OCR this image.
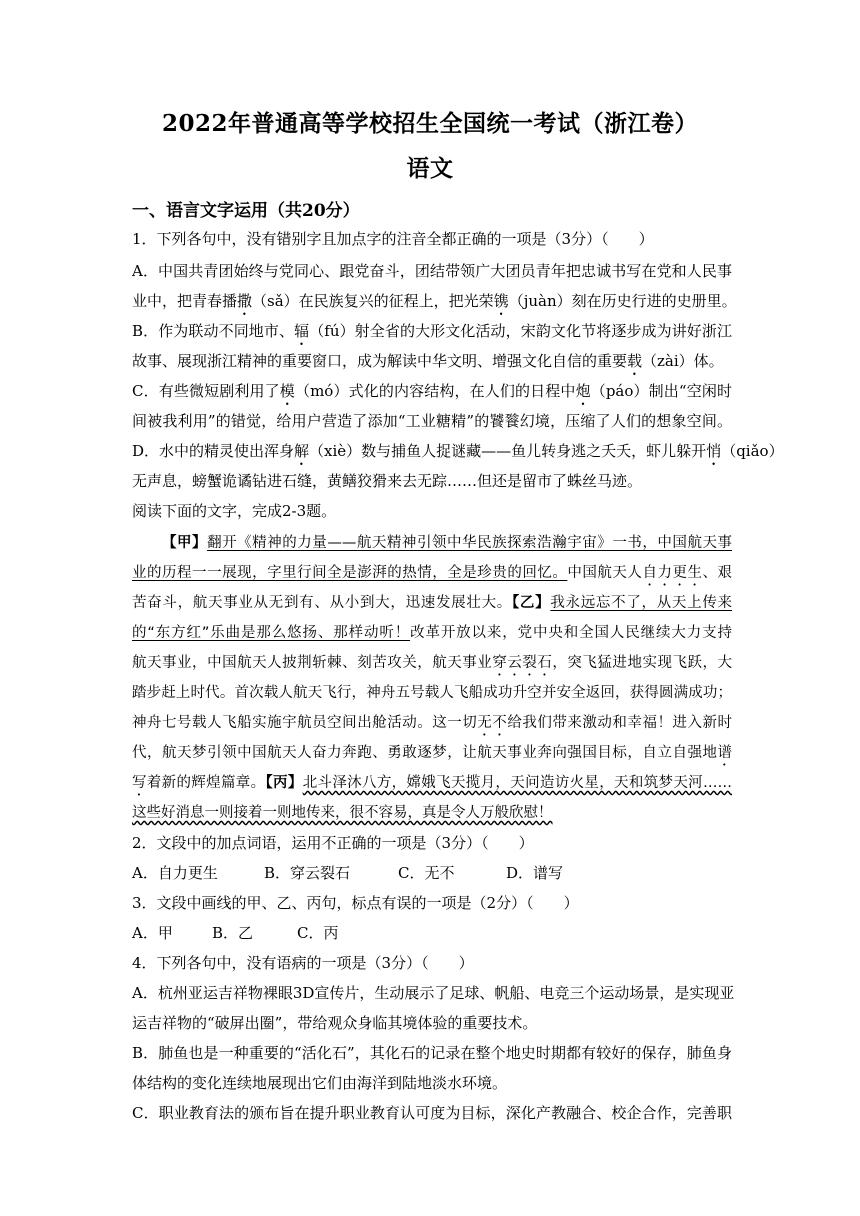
2022年普通高等学校招生全国统一考试（浙江卷）
语文
一、语言文字运用（共20分）
1．下列各句中，没有错别字且加点字的注音全都正确的一项是（3分）（　　）
A．中国共青团始终与党同心、跟党奋斗，团结带领广大团员青年把忠诚书写在党和人民事
业中，把青春播撒（sǎ）在民族复兴的征程上，把光荣镌（juàn）刻在历史行进的史册里。
B．作为联动不同地市、辐（fú）射全省的大形文化活动，宋韵文化节将逐步成为讲好浙江
故事、展现浙江精神的重要窗口，成为解读中华文明、增强文化自信的重要载（zài）体。
C．有些微短剧利用了模（mó）式化的内容结构，在人们的日程中炮（páo）制出“空闲时
间被我利用”的错觉，给用户营造了添加“工业糖精”的饕餮幻境，压缩了人们的想象空间。
D．水中的精灵使出浑身解（xiè）数与捕鱼人捉谜藏——鱼儿转身逃之夭夭，虾儿躲开悄（qiǎo）
无声息，螃蟹诡谲钻进石缝，黄鳝狡猾来去无踪……但还是留市了蛛丝马迹。
阅读下面的文字，完成2-3题。
【甲】翻开《精神的力量——航天精神引领中华民族探索浩瀚宇宙》一书，中国航天事
业的历程一一展现，字里行间全是澎湃的热情，全是珍贵的回忆。中国航天人自力更生、艰
苦奋斗，航天事业从无到有、从小到大，迅速发展壮大。【乙】我永远忘不了，从天上传来
的“东方红”乐曲是那么悠扬、那样动听！改革开放以来，党中央和全国人民继续大力支持
航天事业，中国航天人披荆斩棘、刻苦攻关，航天事业穿云裂石，突飞猛进地实现飞跃，大
踏步赶上时代。首次载人航天飞行，神舟五号载人飞船成功升空并安全返回，获得圆满成功；
神舟七号载人飞船实施宇航员空间出舱活动。这一切无不给我们带来激动和幸福！进入新时
代，航天梦引领中国航天人奋力奔跑、勇敢逐梦，让航天事业奔向强国目标，自立自强地谱
写着新的辉煌篇章。【丙】北斗泽沐八方，嫦娥飞天揽月，天问造访火星，天和筑梦天河……
这些好消息一则接着一则地传来，很不容易，真是令人万般欣慰！
2．文段中的加点词语，运用不正确的一项是（3分）（　　）
A．自力更生	B．穿云裂石	C．无不	D．谱写
3．文段中画线的甲、乙、丙句，标点有误的一项是（2分）（　　）
A．甲	B．乙	C．丙
4．下列各句中，没有语病的一项是（3分）（　　）
A．杭州亚运吉祥物裸眼3D宣传片，生动展示了足球、帆船、电竞三个运动场景，是实现亚
运吉祥物的“破屏出圈”，带给观众身临其境体验的重要技术。
B．肺鱼也是一种重要的“活化石”，其化石的记录在整个地史时期都有较好的保存，肺鱼身
体结构的变化连续地展现出它们由海洋到陆地淡水环境。
C．职业教育法的颁布旨在提升职业教育认可度为目标，深化产教融合、校企合作，完善职
